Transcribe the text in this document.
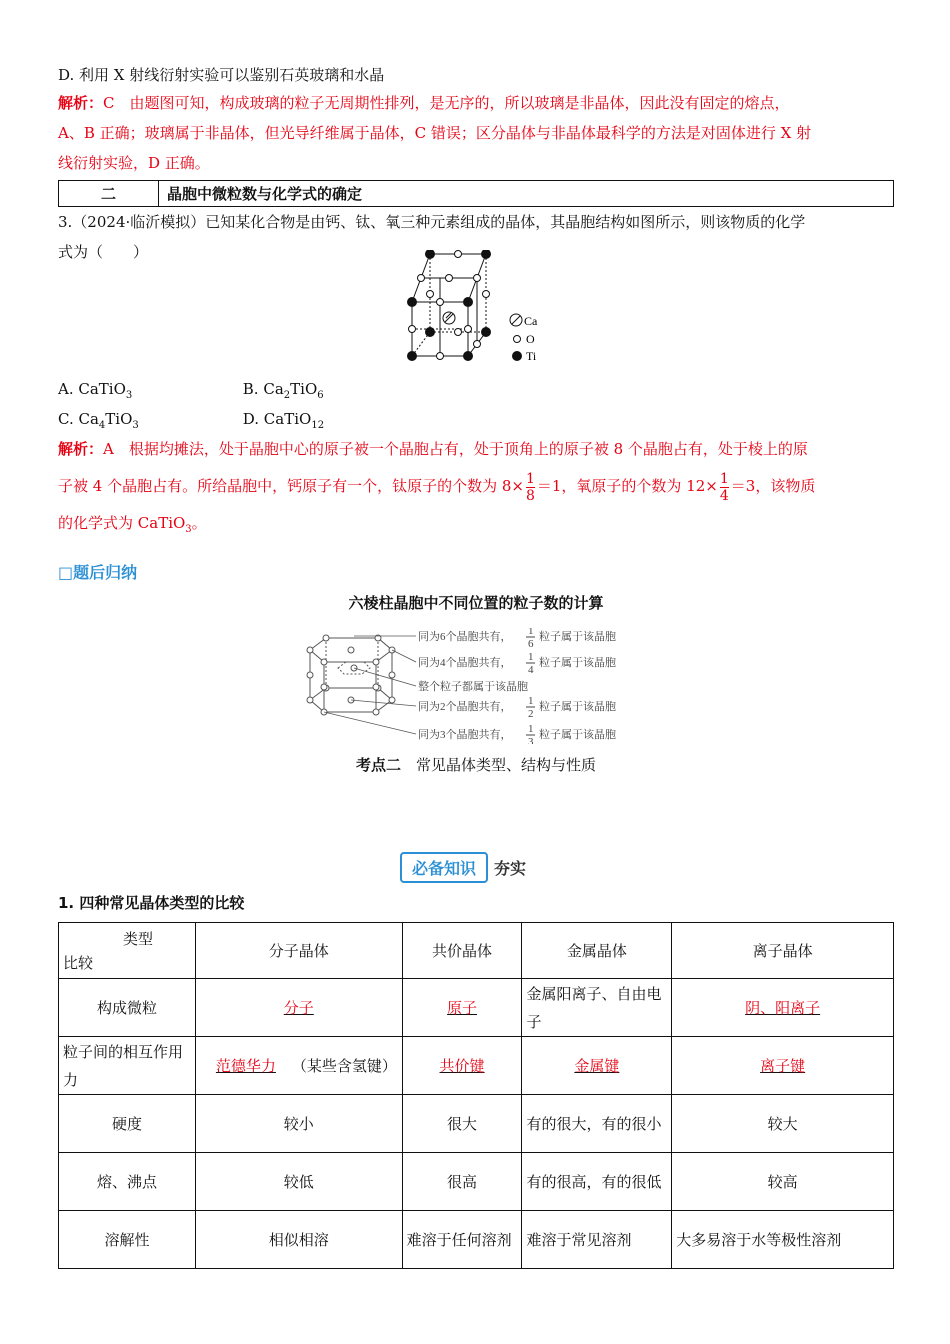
D. 利用 X 射线衍射实验可以鉴别石英玻璃和水晶
解析：C　由题图可知，构成玻璃的粒子无周期性排列，是无序的，所以玻璃是非晶体，因此没有固定的熔点，
A、B 正确；玻璃属于非晶体，但光导纤维属于晶体，C 错误；区分晶体与非晶体最科学的方法是对固体进行 X 射
线衍射实验，D 正确。
二	晶胞中微粒数与化学式的确定
3.（2024·临沂模拟）已知某化合物是由钙、钛、氧三种元素组成的晶体，其晶胞结构如图所示，则该物质的化学
式为（　　）
Ca
O
Ti
A. CaTiO$_3$	B. $Ca_2TiO_6$
C. $Ca_4TiO_3$	D. CaTiO$_{12}$
解析：A　根据均摊法，处于晶胞中心的原子被一个晶胞占有，处于顶角上的原子被 8 个晶胞占有，处于棱上的原
子被 4 个晶胞占有。所给晶胞中，钙原子有一个，钛原子的个数为 $8\times \frac{1}{8} =1$，氧原子的个数为 $12\times \frac{1}{4} =3$，该物质
的化学式为 CaTiO$_3$。
□题后归纳
六棱柱晶胞中不同位置的粒子数的计算
同为6个晶胞共有，
同为4个晶胞共有，
整个粒子都属于该晶胞
同为2个晶胞共有，
同为3个晶胞共有，
1
6
1
4
1
2
1
3
粒子属于该晶胞
粒子属于该晶胞
粒子属于该晶胞
粒子属于该晶胞
考点二　 常见晶体类型、结构与性质
必备知识 夯实
1. 四种常见晶体类型的比较
类型
比较	分子晶体	共价晶体	金属晶体	离子晶体
构成微粒	分子	原子	金属阳离子、自由电子	阴、阳离子
粒子间的相互作用力	范德华力 （某些含氢键）	共价键	金属键	离子键
硬度	较小	很大	有的很大，有的很小	较大
熔、沸点	较低	很高	有的很高，有的很低	较高
溶解性	相似相溶	难溶于任何溶剂	难溶于常见溶剂	大多易溶于水等极性溶剂
